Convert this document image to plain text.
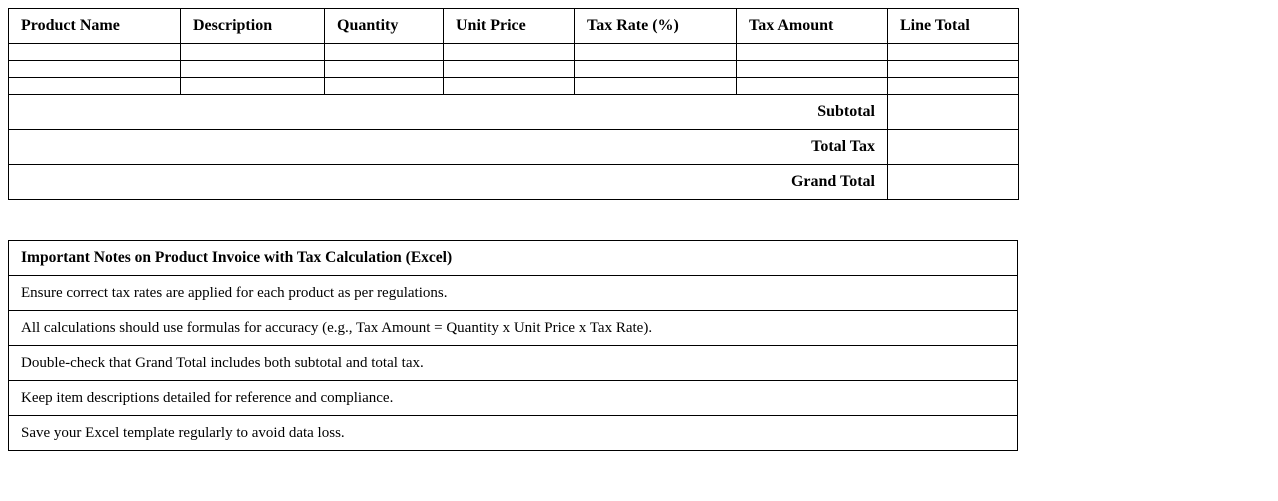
Product Name	Description	Quantity	Unit Price	Tax Rate (%)	Tax Amount	Line Total

Subtotal						
Total Tax						
Grand Total						
Important Notes on Product Invoice with Tax Calculation (Excel)
Ensure correct tax rates are applied for each product as per regulations.
All calculations should use formulas for accuracy (e.g., Tax Amount = Quantity x Unit Price x Tax Rate).
Double-check that Grand Total includes both subtotal and total tax.
Keep item descriptions detailed for reference and compliance.
Save your Excel template regularly to avoid data loss.
